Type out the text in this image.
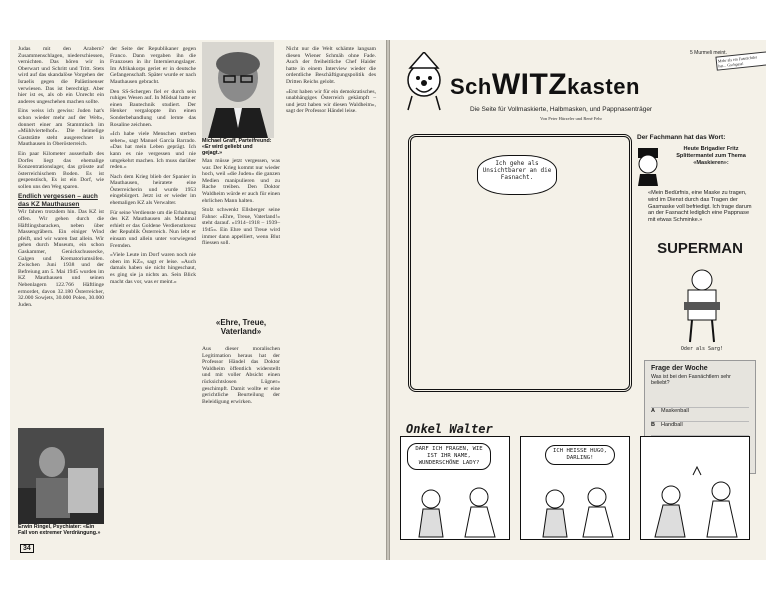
Judas mit den Arabern? Zusammenschlagen, niederschiessen, vernichten. Das hören wir in Oberwart und Schritt und Tritt. Stets wird auf das skandalöse Vorgehen der Israelis gegen die Palästinenser verwiesen. Das ist berechtigt. Aber hier ist es, als ob ein Unrecht ein anderes ungeschehen machen sollte.

Eins weiss ich gewiss: Juden hat's schon wieder mehr auf der Welt», donnert einer am Stammtisch im «Mühlviertelhof». Die heimelige Gaststätte steht ausgerechnet in Mauthausen in Oberösterreich.

Ein paar Kilometer ausserhalb des Dorfes liegt das ehemalige Konzentrationslager, das grösste auf österreichischem Boden. Es ist gespenstisch, Es ist ein Dorf, wie sollen uns den Weg sparen.

Endlich vergessen – auch das KZ Mauthausen

Wir fahren trotzdem hin. Das KZ ist offen. Wir gehen durch die Häftlingsbaracken, neben über Massengräbern. Ein einiger Wind pfeift, und wir waren fast allein. Wir gehen durch Museum, ein schon Gaskammer, Genickschussecke, Galgen und Krematoriumsöfen. Zwischen Juni 1938 und der Befreiung am 5. Mai 1945 wurden im KZ Mauthausen und seinen Nebenlagern 122.766 Häftlinge ermordet, davon 32.180 Österreicher, 32.000 Sowjets, 30.000 Polen, 30.000 Juden.

Erwin Ringel, Psychiater: «Ein Fall von extremer Verdrängung.»
34

der Seite der Republikaner gegen Franco. Dann vergaben ihn die Franzosen in ihr Internierungslager. Im Afrikakorps geriet er in deutsche Gefangenschaft. Später wurde er nach Mauthausen gebracht.

Den SS-Schergen fiel er durch sein ruhiges Wesen auf. In Mödsal hatte er einen Bautechnik studiert. Der Henker vergaloppte ihn einen Sonderbehandlung und lernte das Rosaline zeichnen.

«Ich habe viele Menschen sterben sehen», sagt Manuel García Barrado. «Das hat mein Leben geprägt. Ich kann es nie vergessen und nie umgekehrt machen. Ich muss darüber reden.»

Nach dem Krieg blieb der Spanier in Mauthausen, heiratete eine Österreicherin und wurde 1953 eingebürgert. Jetzt ist er wieder im ehemaligen KZ als Verwalter.

Für seine Verdienste um die Erhaltung des KZ Mauthausen als Mahnmal erhielt er das Goldene Verdienstkreuz der Republik Österreich. Nun lebt er einsam und allein unter vorwiegend Fremden.

«Viele Leute im Dorf waren noch nie oben im KZ», sagt er leise. «Auch damals haben sie nicht hingeschaut, es ging sie ja nichts an. Sein Blick macht das vor, was er meint.»

Michael Graff, Parteifreund: «Er wird geliebt und gejagt.»

Man müsse jetzt vergessen, was war. Der Krieg kommt nur wieder hoch, weil «die Juden» die ganzen Medien manipulieren und zu Rache treiben. Den Doktor Waldheim würde er auch für einen ehrlichen Mann halten.

Stolz schwenkt Ellsberger seine Fahne: «Ehre, Treue, Vaterland!» steht darauf. «1914–1918 – 1939–1945». Ein Ehre und Treue wird immer dann appelliert, wenn Blut fliessen soll.

«Ehre, Treue, Vaterland»

Aus dieser moralischen Legitimation heraus hat der Professor Händel das Doktor Waldheim öffentlich widerstellt und mit voller Absicht einen rücksichtslosen Lügner» geschimpft. Damit wollte er eine gerichtliche Beurteilung der Beleidigung erwirken.

Nicht nur die Welt schämte langsam diesen Wiener Schmäh ohne Fade. Auch der freiheitliche Chef Haider hatte in einem Interview wieder die ordentliche Beschäftigungspolitik des Dritten Reichs gelobt.

«Erst haben wir für ein demokratisches, unabhängiges Österreich gekämpft – und jetzt haben wir diesen Waldheim», sagt der Professor Händel leise.

5 Murmeli meint.
Mehr als ein Fasnächtler hat... Gschpass!
SchWITZkasten
Die Seite für Vollmaskierte, Halbmasken, und Pappnasenträger
Von Peter Hürzeler und René Fehr
Ich gehe als Unsichtbarer an die Fasnacht.
Der Fachmann hat das Wort:
Heute Brigadier Fritz Splittermantel zum Thema «Maskieren»:
«Mein Bedürfnis, eine Maske zu tragen, wird im Dienst durch das Tragen der Gasmaske voll befriedigt. Ich trage darum an der Fasnacht lediglich eine Pappnase mit etwas Schminke.»
SUPERMAN
Oder als Sarg!
Frage der Woche
Was ist bei den Fasnächtlern sehr beliebt?
A Maskenball
B Handball
Onkel Walter
DARF ICH FRAGEN, WIE IST IHR NAME, WUNDERSCHÖNE LADY?
ICH HEISSE HUGO, DARLING!
